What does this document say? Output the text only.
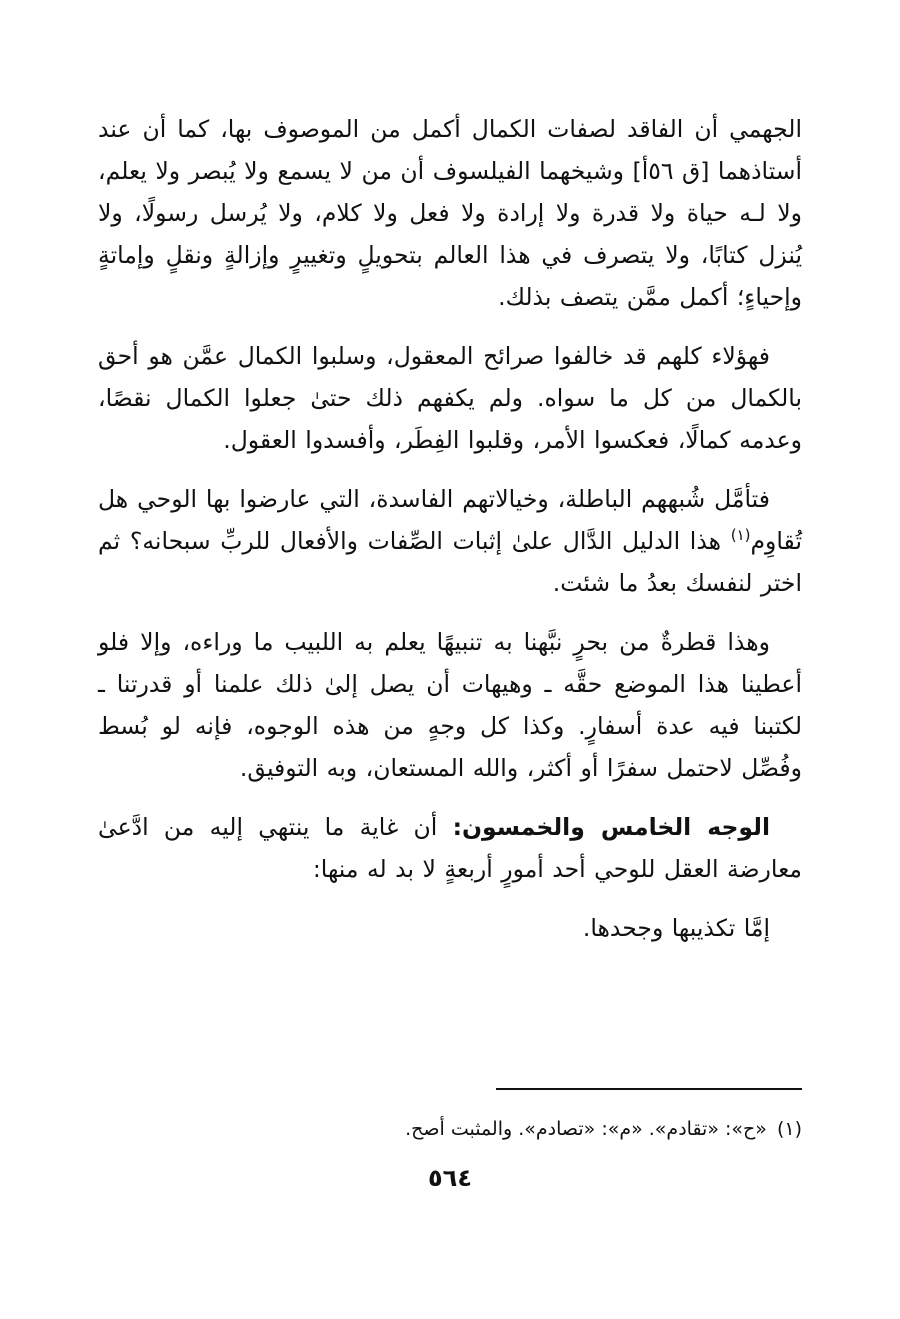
الجهمي أن الفاقد لصفات الكمال أكمل من الموصوف بها، كما أن عند أستاذهما [ق ٥٦أ] وشيخهما الفيلسوف أن من لا يسمع ولا يُبصر ولا يعلم، ولا لـه حياة ولا قدرة ولا إرادة ولا فعل ولا كلام، ولا يُرسل رسولًا، ولا يُنزل كتابًا، ولا يتصرف في هذا العالم بتحويلٍ وتغييرٍ وإزالةٍ ونقلٍ وإماتةٍ وإحياءٍ؛ أكمل ممَّن يتصف بذلك.

فهؤلاء كلهم قد خالفوا صرائح المعقول، وسلبوا الكمال عمَّن هو أحق بالكمال من كل ما سواه. ولم يكفهم ذلك حتىٰ جعلوا الكمال نقصًا، وعدمه كمالًا، فعكسوا الأمر، وقلبوا الفِطَر، وأفسدوا العقول.

فتأمَّل شُبههم الباطلة، وخيالاتهم الفاسدة، التي عارضوا بها الوحي هل تُقاوِم$^{(١)}$ هذا الدليل الدَّال علىٰ إثبات الصِّفات والأفعال للربِّ سبحانه؟ ثم اختر لنفسك بعدُ ما شئت.

وهذا قطرةٌ من بحرٍ نبَّهنا به تنبيهًا يعلم به اللبيب ما وراءه، وإلا فلو أعطينا هذا الموضع حقَّه ـ وهيهات أن يصل إلىٰ ذلك علمنا أو قدرتنا ـ لكتبنا فيه عدة أسفارٍ. وكذا كل وجهٍ من هذه الوجوه، فإنه لو بُسط وفُصِّل لاحتمل سفرًا أو أكثر، والله المستعان، وبه التوفيق.

الوجه الخامس والخمسون: أن غاية ما ينتهي إليه من ادَّعىٰ معارضة العقل للوحي أحد أمورٍ أربعةٍ لا بد له منها:

إمَّا تكذيبها وجحدها.

(١)«ح»: «تقادم». «م»: «تصادم». والمثبت أصح.
٥٦٤
